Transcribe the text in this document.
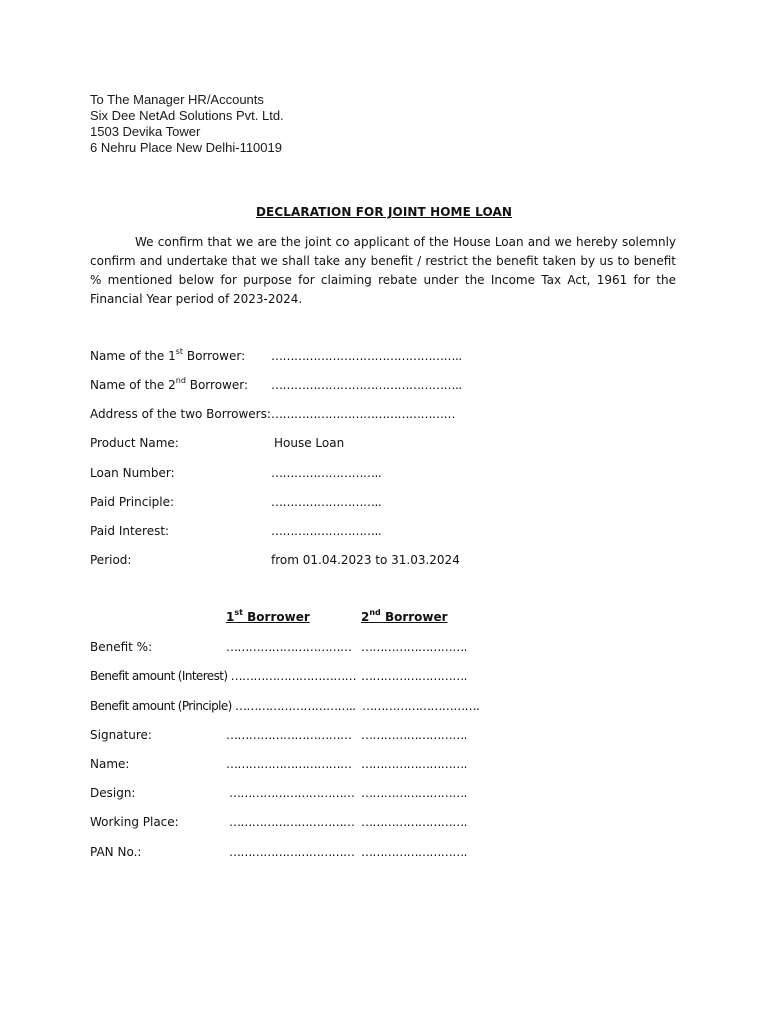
To The Manager HR/Accounts
Six Dee NetAd Solutions Pvt. Ltd.
1503 Devika Tower
6 Nehru Place New Delhi-110019
DECLARATION FOR JOINT HOME LOAN
We confirm that we are the joint co applicant of the House Loan and we hereby solemnly confirm and undertake that we shall take any benefit / restrict the benefit taken by us to benefit % mentioned below for purpose for claiming rebate under the Income Tax Act, 1961 for the Financial Year period of 2023-2024.
Name of the 1st Borrower: …………………………………………..
Name of the 2nd Borrower: …………………………………………..
Address of the two Borrowers: …………………………………………
Product Name:	House Loan
Loan Number:	………………………..
Paid Principle:	………………………..
Paid Interest:	………………………..
Period:	from 01.04.2023 to 31.03.2024
1st Borrower	2nd Borrower
Benefit %:	…………………………… ……………………….
Benefit amount (Interest) …………………………… ……………………….
Benefit amount (Principle) ………………………….. ………………………….
Signature:	…………………………… ……………………….
Name:	…………………………… ……………………….
Design:	…………………………… ……………………….
Working Place:	…………………………… ……………………….
PAN No.:	…………………………… ……………………….
